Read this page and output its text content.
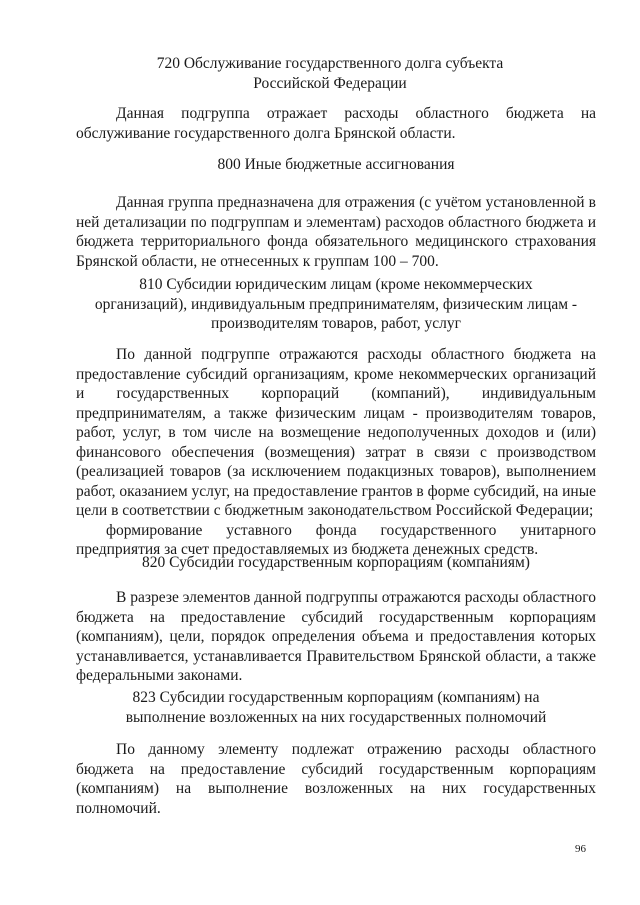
720 Обслуживание государственного долга субъекта Российской Федерации

Данная подгруппа отражает расходы областного бюджета на обслуживание государственного долга Брянской области.

800 Иные бюджетные ассигнования

Данная группа предназначена для отражения (с учётом установленной в ней детализации по подгруппам и элементам) расходов областного бюджета и бюджета территориального фонда обязательного медицинского страхования Брянской области, не отнесенных к группам 100 – 700.

810 Субсидии юридическим лицам (кроме некоммерческих организаций), индивидуальным предпринимателям, физическим лицам - производителям товаров, работ, услуг

По данной подгруппе отражаются расходы областного бюджета на предоставление субсидий организациям, кроме некоммерческих организаций и государственных корпораций (компаний), индивидуальным предпринимателям, а также физическим лицам - производителям товаров, работ, услуг, в том числе на возмещение недополученных доходов и (или) финансового обеспечения (возмещения) затрат в связи с производством (реализацией товаров (за исключением подакцизных товаров), выполнением работ, оказанием услуг, на предоставление грантов в форме субсидий, на иные цели в соответствии с бюджетным законодательством Российской Федерации;

формирование уставного фонда государственного унитарного предприятия за счет предоставляемых из бюджета денежных средств.

820 Субсидии государственным корпорациям (компаниям)

В разрезе элементов данной подгруппы отражаются расходы областного бюджета на предоставление субсидий государственным корпорациям (компаниям), цели, порядок определения объема и предоставления которых устанавливается, устанавливается Правительством Брянской области, а также федеральными законами.

823 Субсидии государственным корпорациям (компаниям) на выполнение возложенных на них государственных полномочий

По данному элементу подлежат отражению расходы областного бюджета на предоставление субсидий государственным корпорациям (компаниям) на выполнение возложенных на них государственных полномочий.

96
